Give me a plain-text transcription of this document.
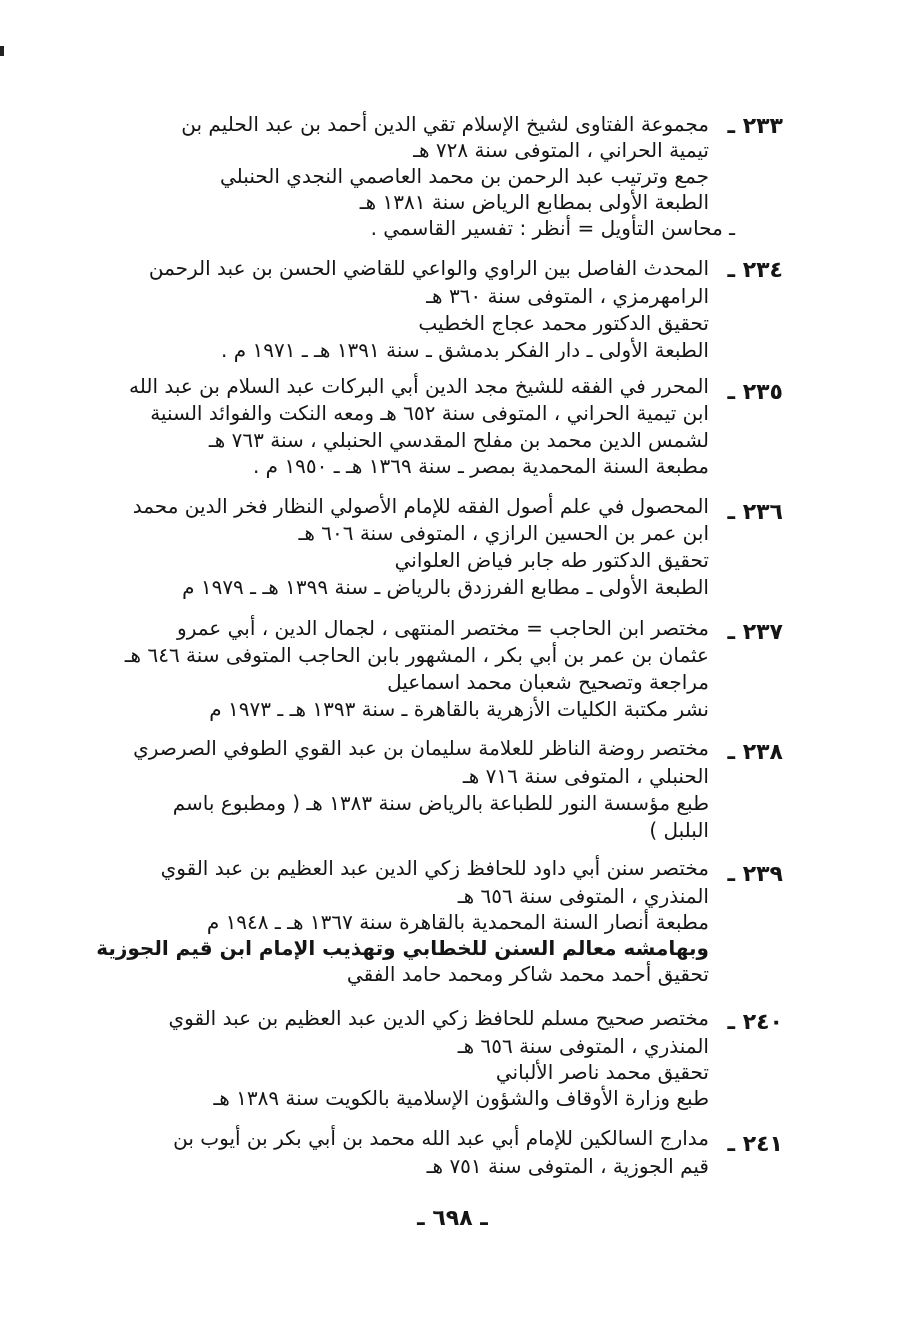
٢٣٣ ـ
مجموعة الفتاوى لشيخ الإسلام تقي الدين أحمد بن عبد الحليم بن
تيمية الحراني ، المتوفى سنة ٧٢٨ هـ
جمع وترتيب عبد الرحمن بن محمد العاصمي النجدي الحنبلي
الطبعة الأولى بمطابع الرياض سنة ١٣٨١ هـ
ـ محاسن التأويل = أنظر : تفسير القاسمي .
٢٣٤ ـ
المحدث الفاصل بين الراوي والواعي للقاضي الحسن بن عبد الرحمن
الرامهرمزي ، المتوفى سنة ٣٦٠ هـ
تحقيق الدكتور محمد عجاج الخطيب
الطبعة الأولى ـ دار الفكر بدمشق ـ سنة ١٣٩١ هـ ـ ١٩٧١ م .
٢٣٥ ـ
المحرر في الفقه للشيخ مجد الدين أبي البركات عبد السلام بن عبد الله
ابن تيمية الحراني ، المتوفى سنة ٦٥٢ هـ ومعه النكت والفوائد السنية
لشمس الدين محمد بن مفلح المقدسي الحنبلي ، سنة ٧٦٣ هـ
مطبعة السنة المحمدية بمصر ـ سنة ١٣٦٩ هـ ـ ١٩٥٠ م .
٢٣٦ ـ
المحصول في علم أصول الفقه للإمام الأصولي النظار فخر الدين محمد
ابن عمر بن الحسين الرازي ، المتوفى سنة ٦٠٦ هـ
تحقيق الدكتور طه جابر فياض العلواني
الطبعة الأولى ـ مطابع الفرزدق بالرياض ـ سنة ١٣٩٩ هـ ـ ١٩٧٩ م
٢٣٧ ـ
مختصر ابن الحاجب = مختصر المنتهى ، لجمال الدين ، أبي عمرو
عثمان بن عمر بن أبي بكر ، المشهور بابن الحاجب المتوفى سنة ٦٤٦ هـ
مراجعة وتصحيح شعبان محمد اسماعيل
نشر مكتبة الكليات الأزهرية بالقاهرة ـ سنة ١٣٩٣ هـ ـ ١٩٧٣ م
٢٣٨ ـ
مختصر روضة الناظر للعلامة سليمان بن عبد القوي الطوفي الصرصري
الحنبلي ، المتوفى سنة ٧١٦ هـ
طبع مؤسسة النور للطباعة بالرياض سنة ١٣٨٣ هـ ( ومطبوع باسم
البلبل )
٢٣٩ ـ
مختصر سنن أبي داود للحافظ زكي الدين عبد العظيم بن عبد القوي
المنذري ، المتوفى سنة ٦٥٦ هـ
مطبعة أنصار السنة المحمدية بالقاهرة سنة ١٣٦٧ هـ ـ ١٩٤٨ م
وبهامشه معالم السنن للخطابي وتهذيب الإمام ابن قيم الجوزية
تحقيق أحمد محمد شاكر ومحمد حامد الفقي
٢٤٠ ـ
مختصر صحيح مسلم للحافظ زكي الدين عبد العظيم بن عبد القوي
المنذري ، المتوفى سنة ٦٥٦ هـ
تحقيق محمد ناصر الألباني
طبع وزارة الأوقاف والشؤون الإسلامية بالكويت سنة ١٣٨٩ هـ
٢٤١ ـ
مدارج السالكين للإمام أبي عبد الله محمد بن أبي بكر بن أيوب بن
قيم الجوزية ، المتوفى سنة ٧٥١ هـ
ـ ٦٩٨ ـ
